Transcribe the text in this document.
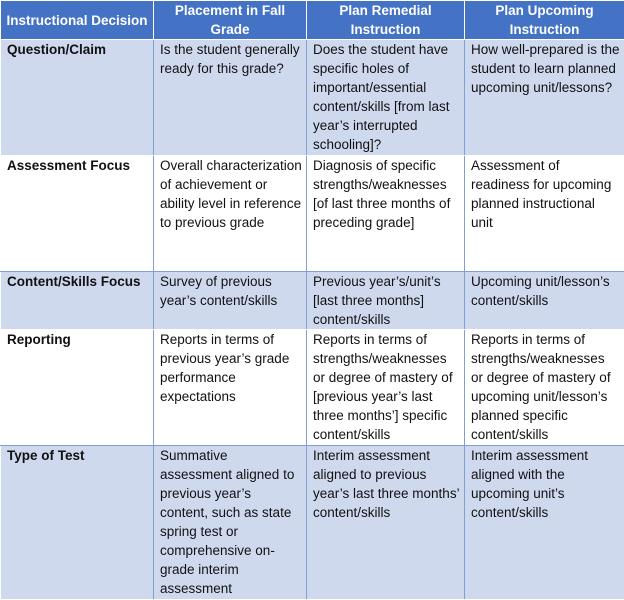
Instructional Decision	Placement in Fall Grade	Plan Remedial Instruction	Plan Upcoming Instruction
Question/Claim	Is the student generally ready for this grade?	Does the student have specific holes of important/essential content/skills [from last year’s interrupted schooling]?	How well-prepared is the student to learn planned upcoming unit/lessons?
Assessment Focus	Overall characterization of achievement or ability level in reference to previous grade	Diagnosis of specific strengths/weaknesses [of last three months of preceding grade]	Assessment of readiness for upcoming planned instructional unit
Content/Skills Focus	Survey of previous year’s content/skills	Previous year’s/unit’s [last three months] content/skills	Upcoming unit/lesson’s content/skills
Reporting	Reports in terms of previous year’s grade performance expectations	Reports in terms of strengths/weaknesses or degree of mastery of [previous year’s last three months’] specific content/skills	Reports in terms of strengths/weaknesses or degree of mastery of upcoming unit/lesson’s planned specific content/skills
Type of Test	Summative assessment aligned to previous year’s content, such as state spring test or comprehensive on-grade interim assessment	Interim assessment aligned to previous year’s last three months’ content/skills	Interim assessment aligned with the upcoming unit’s content/skills
